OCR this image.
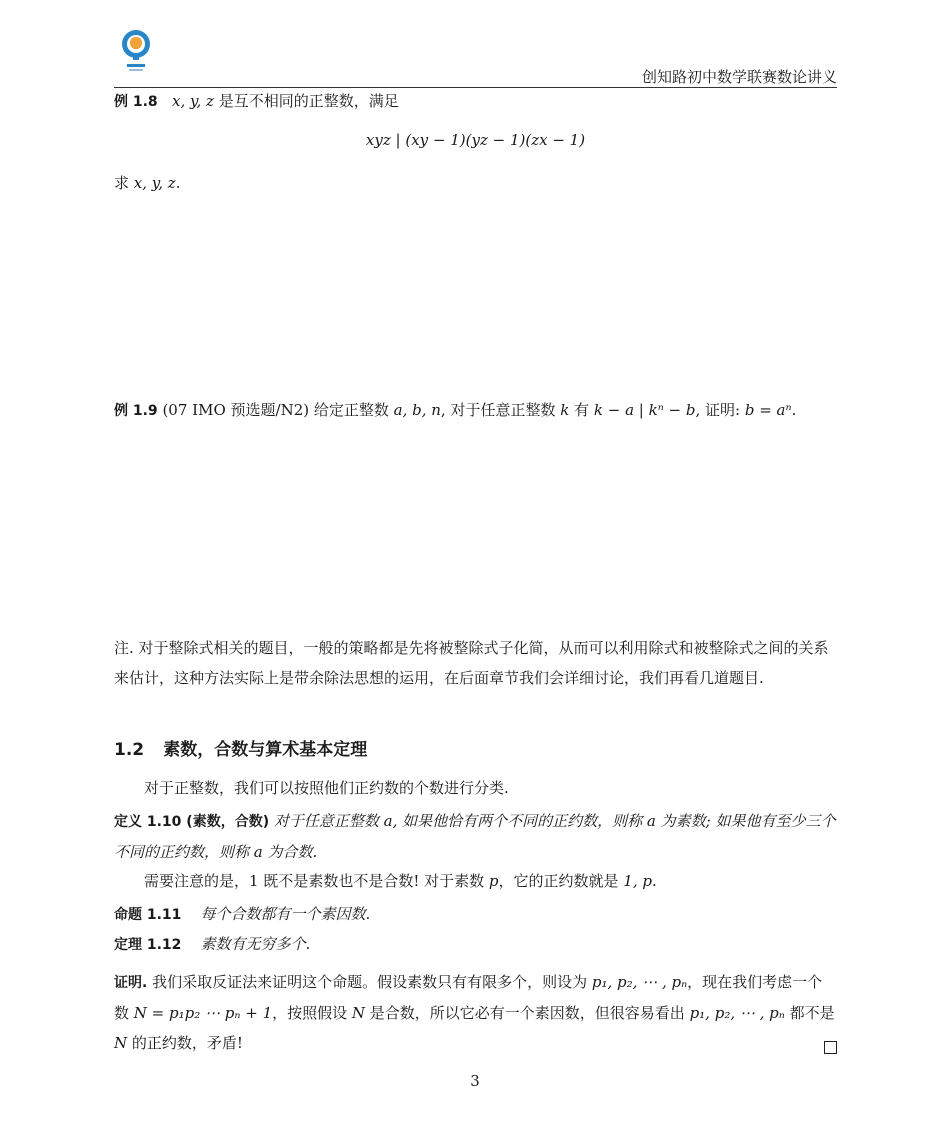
创知路初中数学联赛数论讲义
例 1.8 x, y, z 是互不相同的正整数，满足
xyz | (xy − 1)(yz − 1)(zx − 1)
求 x, y, z.
例 1.9 (07 IMO 预选题/N2) 给定正整数 a, b, n, 对于任意正整数 k 有 k − a | kⁿ − b, 证明: b = aⁿ.
注. 对于整除式相关的题目，一般的策略都是先将被整除式子化简，从而可以利用除式和被整除式之间的关系来估计，这种方法实际上是带余除法思想的运用，在后面章节我们会详细讨论，我们再看几道题目.
1.2 素数，合数与算术基本定理
对于正整数，我们可以按照他们正约数的个数进行分类.
定义 1.10 (素数，合数) 对于任意正整数 a, 如果他恰有两个不同的正约数，则称 a 为素数; 如果他有至少三个不同的正约数，则称 a 为合数.
需要注意的是，1 既不是素数也不是合数! 对于素数 p，它的正约数就是 1, p.
命题 1.11 每个合数都有一个素因数.
定理 1.12 素数有无穷多个.
证明. 我们采取反证法来证明这个命题。假设素数只有有限多个，则设为 p₁, p₂, ⋯ , pₙ，现在我们考虑一个数 N = p₁p₂ ⋯ pₙ + 1，按照假设 N 是合数，所以它必有一个素因数，但很容易看出 p₁, p₂, ⋯ , pₙ 都不是 N 的正约数，矛盾!
3
